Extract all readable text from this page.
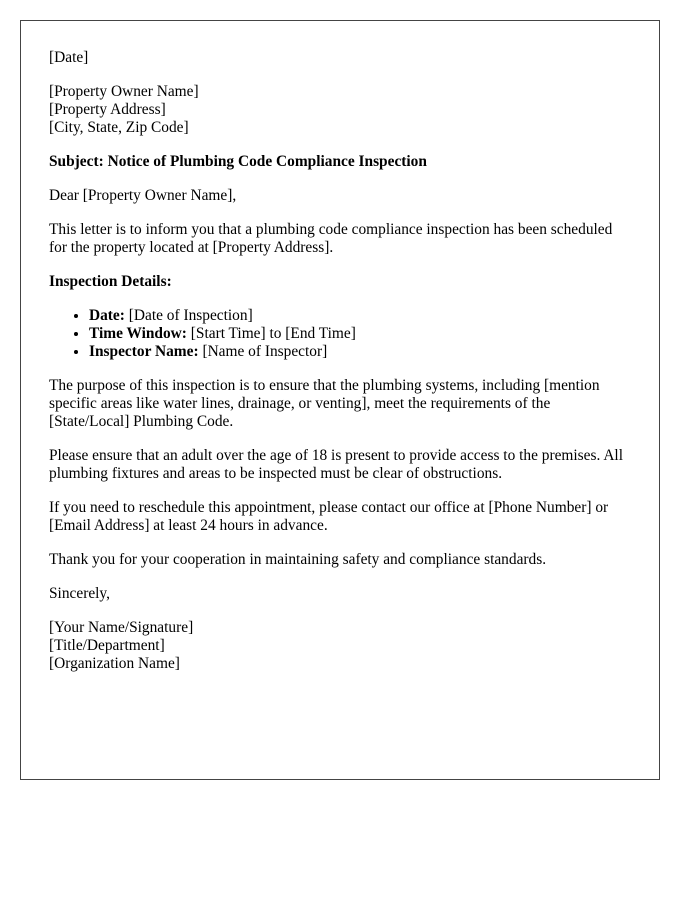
[Date]

[Property Owner Name]
[Property Address]
[City, State, Zip Code]

Subject: Notice of Plumbing Code Compliance Inspection

Dear [Property Owner Name],

This letter is to inform you that a plumbing code compliance inspection has been scheduled for the property located at [Property Address].

Inspection Details:

• Date: [Date of Inspection]
• Time Window: [Start Time] to [End Time]
• Inspector Name: [Name of Inspector]

The purpose of this inspection is to ensure that the plumbing systems, including [mention specific areas like water lines, drainage, or venting], meet the requirements of the [State/Local] Plumbing Code.

Please ensure that an adult over the age of 18 is present to provide access to the premises. All plumbing fixtures and areas to be inspected must be clear of obstructions.

If you need to reschedule this appointment, please contact our office at [Phone Number] or [Email Address] at least 24 hours in advance.

Thank you for your cooperation in maintaining safety and compliance standards.

Sincerely,

[Your Name/Signature]
[Title/Department]
[Organization Name]
